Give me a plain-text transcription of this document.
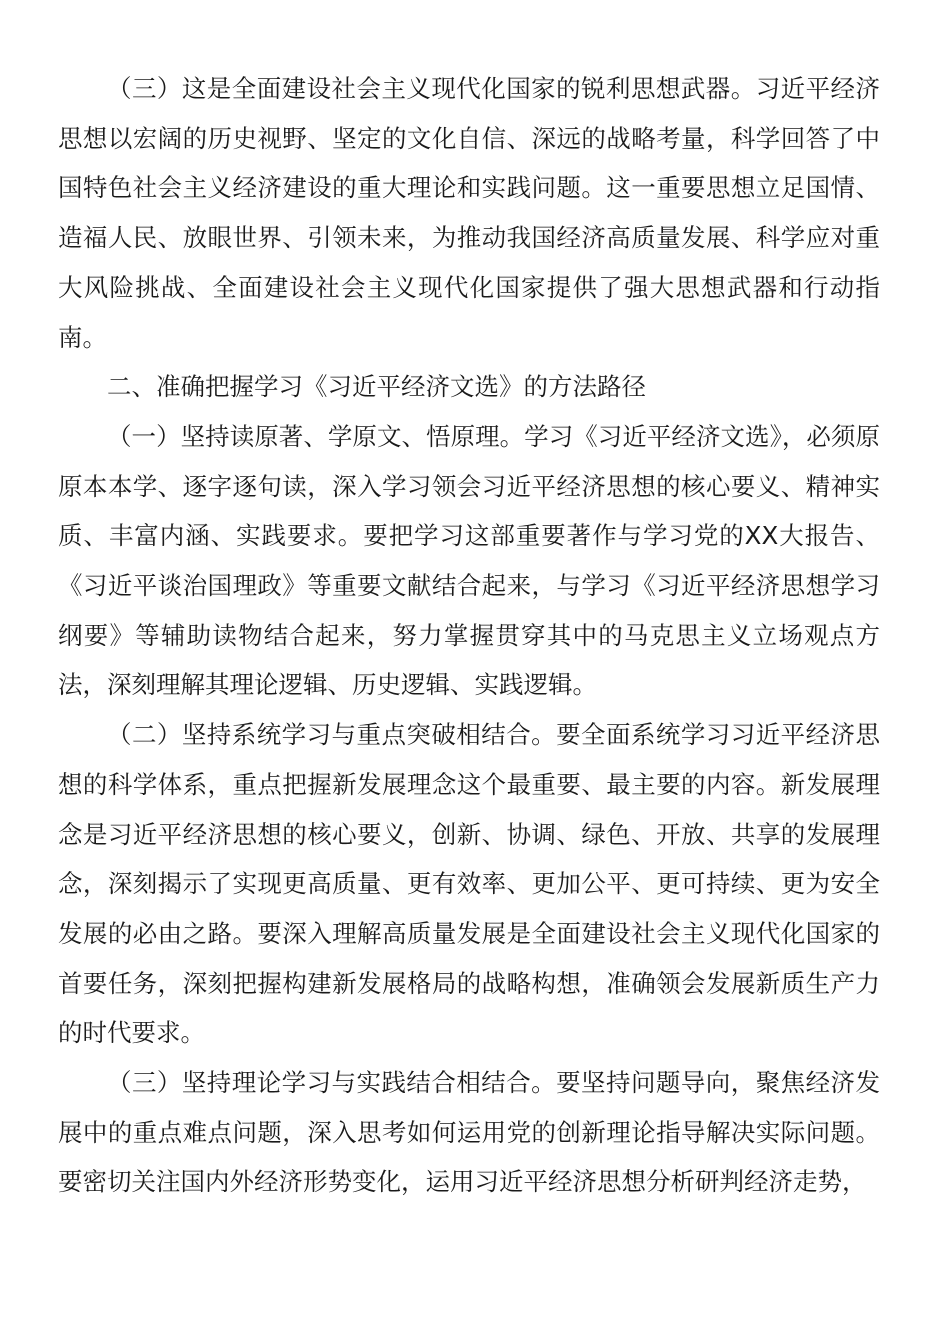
（三）这是全面建设社会主义现代化国家的锐利思想武器。习近平经济思想以宏阔的历史视野、坚定的文化自信、深远的战略考量，科学回答了中国特色社会主义经济建设的重大理论和实践问题。这一重要思想立足国情、造福人民、放眼世界、引领未来，为推动我国经济高质量发展、科学应对重大风险挑战、全面建设社会主义现代化国家提供了强大思想武器和行动指南。

二、准确把握学习《习近平经济文选》的方法路径

（一）坚持读原著、学原文、悟原理。学习《习近平经济文选》，必须原原本本学、逐字逐句读，深入学习领会习近平经济思想的核心要义、精神实质、丰富内涵、实践要求。要把学习这部重要著作与学习党的XX大报告、《习近平谈治国理政》等重要文献结合起来，与学习《习近平经济思想学习纲要》等辅助读物结合起来，努力掌握贯穿其中的马克思主义立场观点方法，深刻理解其理论逻辑、历史逻辑、实践逻辑。

（二）坚持系统学习与重点突破相结合。要全面系统学习习近平经济思想的科学体系，重点把握新发展理念这个最重要、最主要的内容。新发展理念是习近平经济思想的核心要义，创新、协调、绿色、开放、共享的发展理念，深刻揭示了实现更高质量、更有效率、更加公平、更可持续、更为安全发展的必由之路。要深入理解高质量发展是全面建设社会主义现代化国家的首要任务，深刻把握构建新发展格局的战略构想，准确领会发展新质生产力的时代要求。

（三）坚持理论学习与实践结合相结合。要坚持问题导向，聚焦经济发展中的重点难点问题，深入思考如何运用党的创新理论指导解决实际问题。要密切关注国内外经济形势变化，运用习近平经济思想分析研判经济走势，
